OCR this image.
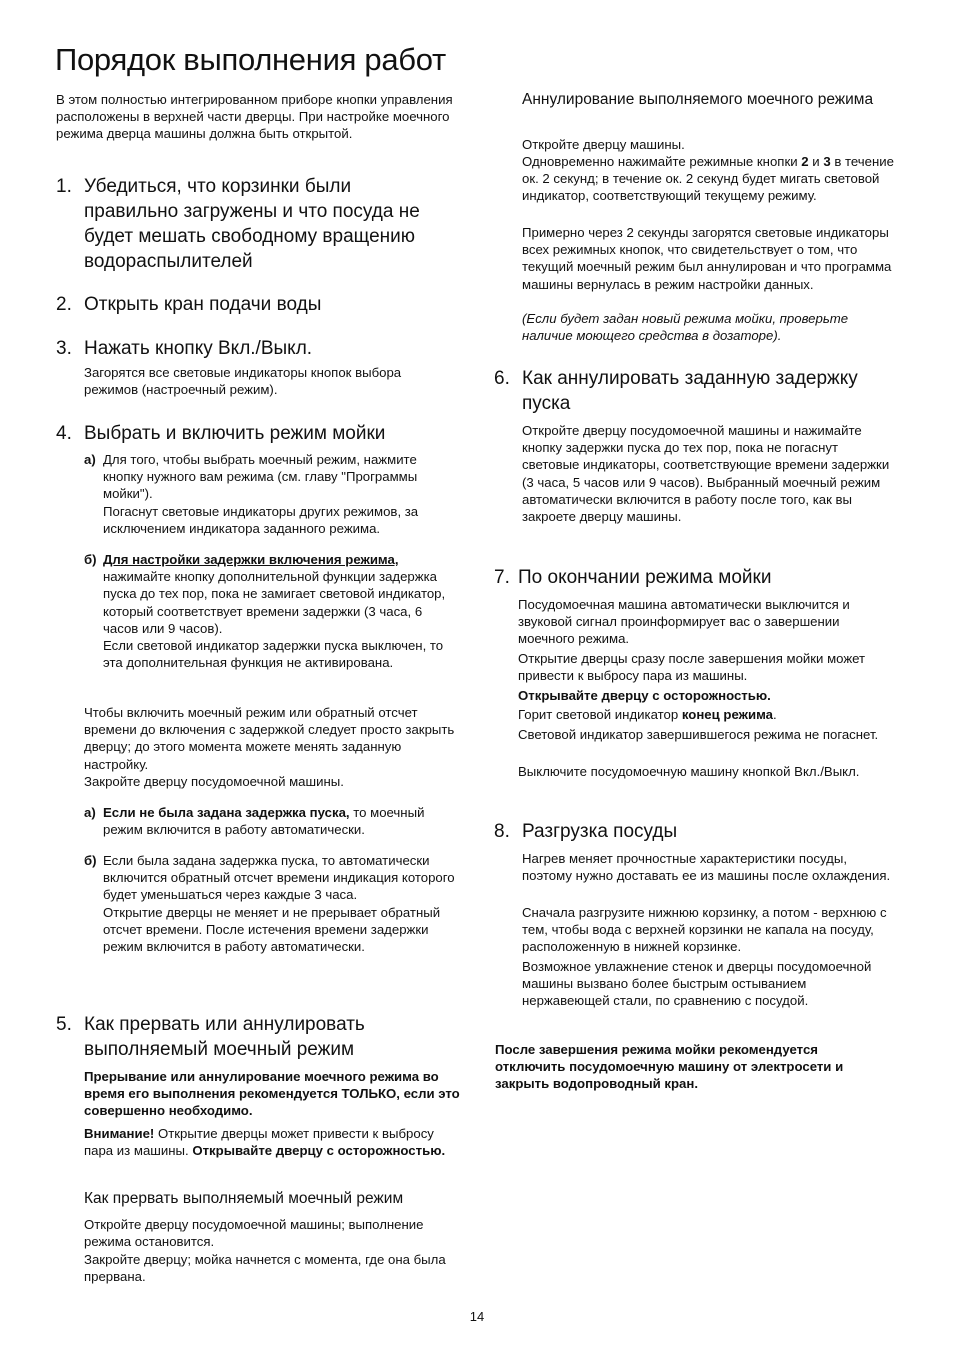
Порядок выполнения работ

В этом полностью интегрированном приборе кнопки управления расположены в верхней части дверцы. При настройке моечного режима дверца машины должна быть открытой.

1. Убедиться, что корзинки были правильно загружены и что посуда не будет мешать свободному вращению водораспылителей
2. Открыть кран подачи воды
3. Нажать кнопку Вкл./Выкл.

Загорятся все световые индикаторы кнопок выбора режимов (настроечный режим).

4. Выбрать и включить режим мойки
а) Для того, чтобы выбрать моечный режим, нажмите кнопку нужного вам режима (см. главу "Программы мойки").

Погаснут световые индикаторы других режимов, за исключением индикатора заданного режима.

б) Для настройки задержки включения режима,

нажимайте кнопку дополнительной функции задержка пуска до тех пор, пока не замигает световой индикатор, который соответствует времени задержки (3 часа, 6 часов или 9 часов).

Если световой индикатор задержки пуска выключен, то эта дополнительная функция не активирована.

Чтобы включить моечный режим или обратный отсчет времени до включения с задержкой следует просто закрыть дверцу; до этого момента можете менять заданную настройку.

Закройте дверцу посудомоечной машины.

а) Если не была задана задержка пуска, то моечный режим включится в работу автоматически.

б) Если была задана задержка пуска, то автоматически включится обратный отсчет времени индикация которого будет уменьшаться через каждые 3 часа.

Открытие дверцы не меняет и не прерывает обратный отсчет времени. После истечения времени задержки режим включится в работу автоматически.

5. Как прервать или аннулировать выполняемый моечный режим

Прерывание или аннулирование моечного режима во время его выполнения рекомендуется ТОЛЬКО, если это совершенно необходимо.

Внимание! Открытие дверцы может привести к выбросу пара из машины. Открывайте дверцу с осторожностью.

Как прервать выполняемый моечный режим

Откройте дверцу посудомоечной машины; выполнение режима остановится.

Закройте дверцу; мойка начнется с момента, где она была прервана.

Аннулирование выполняемого моечного режима

Откройте дверцу машины.

Одновременно нажимайте режимные кнопки 2 и 3 в течение ок. 2 секунд; в течение ок. 2 секунд будет мигать световой индикатор, соответствующий текущему режиму.

Примерно через 2 секунды загорятся световые индикаторы всех режимных кнопок, что свидетельствует о том, что текущий моечный режим был аннулирован и что программа машины вернулась в режим настройки данных.

(Если будет задан новый режима мойки, проверьте наличие моющего средства в дозаторе).

6. Как аннулировать заданную задержку пуска

Откройте дверцу посудомоечной машины и нажимайте кнопку задержки пуска до тех пор, пока не погаснут световые индикаторы, соответствующие времени задержки (3 часа, 5 часов или 9 часов). Выбранный моечный режим автоматически включится в работу после того, как вы закроете дверцу машины.

7. По окончании режима мойки

Посудомоечная машина автоматически выключится и звуковой сигнал проинформирует вас о завершении моечного режима.

Открытие дверцы сразу после завершения мойки может привести к выбросу пара из машины.

Открывайте дверцу с осторожностью.

Горит световой индикатор конец режима.

Световой индикатор завершившегося режима не погаснет.

Выключите посудомоечную машину кнопкой Вкл./Выкл.

8. Разгрузка посуды

Нагрев меняет прочностные характеристики посуды, поэтому нужно доставать ее из машины после охлаждения.

Сначала разгрузите нижнюю корзинку, а потом - верхнюю с тем, чтобы вода с верхней корзинки не капала на посуду, расположенную в нижней корзинке.

Возможное увлажнение стенок и дверцы посудомоечной машины вызвано более быстрым остыванием нержавеющей стали, по сравнению с посудой.

После завершения режима мойки рекомендуется отключить посудомоечную машину от электросети и закрыть водопроводный кран.

14
